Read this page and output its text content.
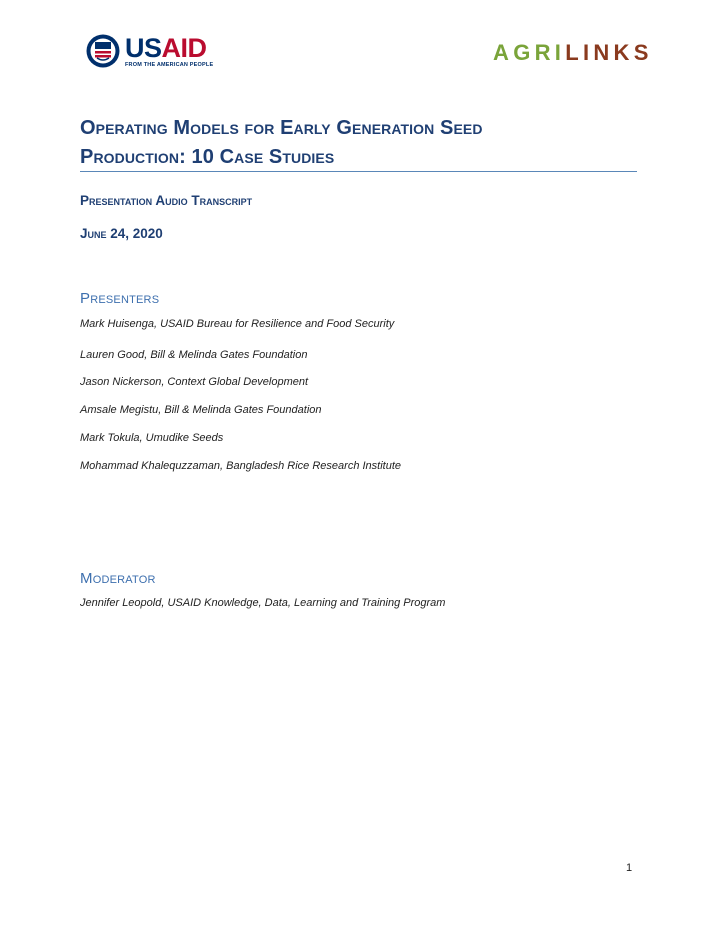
USAID
FROM THE AMERICAN PEOPLE	AGRILINKS
Operating Models for Early Generation Seed
Production: 10 Case Studies
Presentation Audio Transcript
June 24, 2020
Presenters
Mark Huisenga, USAID Bureau for Resilience and Food Security
Lauren Good, Bill & Melinda Gates Foundation
Jason Nickerson, Context Global Development
Amsale Megistu, Bill & Melinda Gates Foundation
Mark Tokula, Umudike Seeds
Mohammad Khalequzzaman, Bangladesh Rice Research Institute
Moderator
Jennifer Leopold, USAID Knowledge, Data, Learning and Training Program
1
